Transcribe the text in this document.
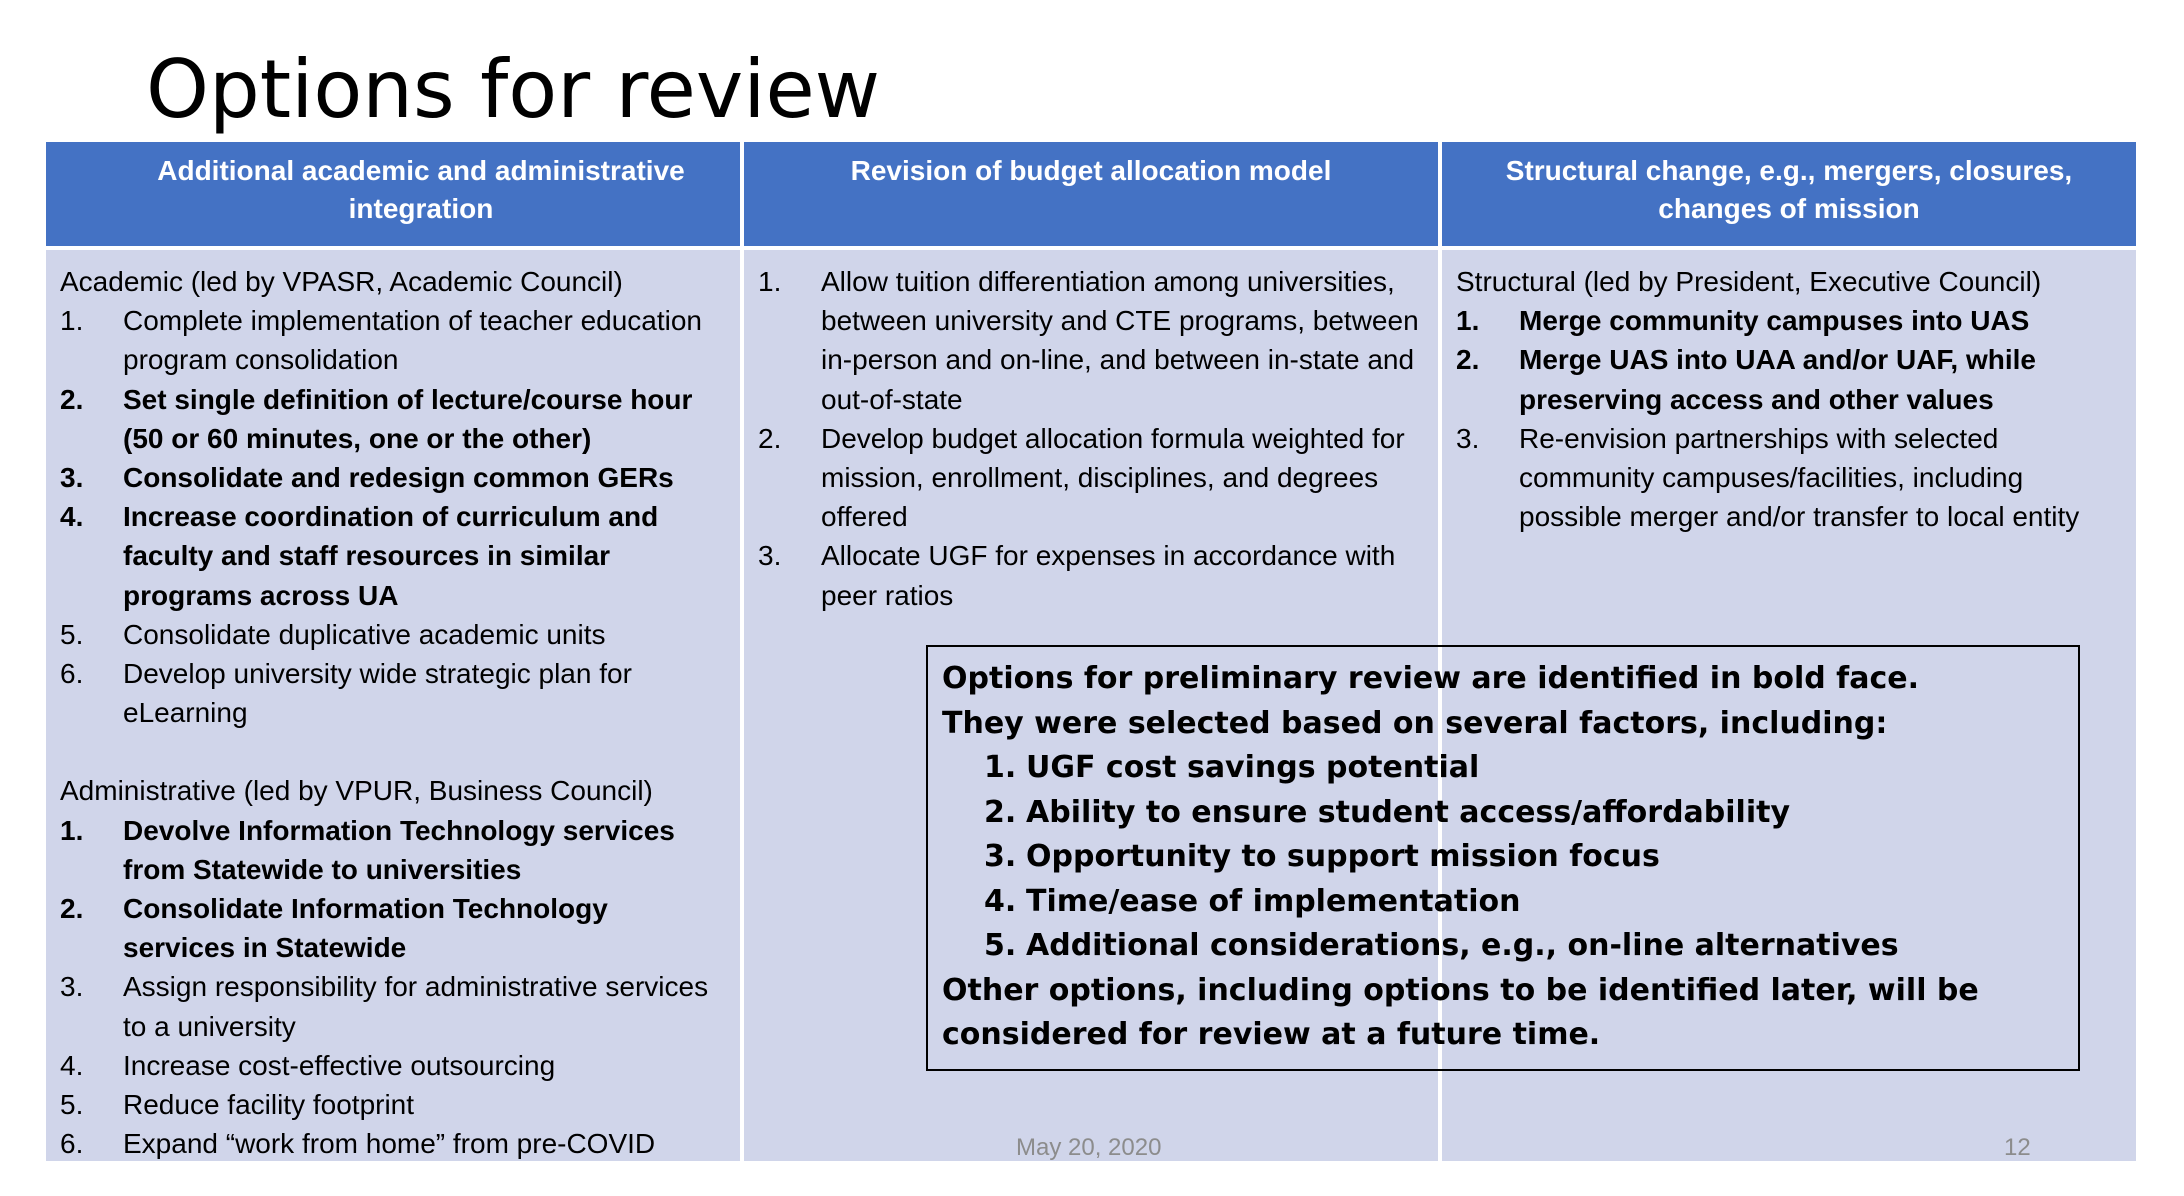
Options for review
Additional academic and administrative integration
Revision of budget allocation model	Structural change, e.g., mergers, closures, changes of mission

Academic (led by VPASR, Academic Council)

1. Complete implementation of teacher education program consolidation
2. Set single definition of lecture/course hour (50 or 60 minutes, one or the other)
3. Consolidate and redesign common GERs
4. Increase coordination of curriculum and faculty and staff resources in similar programs across UA
5. Consolidate duplicative academic units
6. Develop university wide strategic plan for eLearning

Administrative (led by VPUR, Business Council)

1. Devolve Information Technology services from Statewide to universities
2. Consolidate Information Technology services in Statewide
3. Assign responsibility for administrative services to a university
4. Increase cost-effective outsourcing
5. Reduce facility footprint
6. Expand “work from home” from pre-COVID
1. Allow tuition differentiation among universities, between university and CTE programs, between in-person and on-line, and between in-state and out-of-state
2. Develop budget allocation formula weighted for mission, enrollment, disciplines, and degrees offered
3. Allocate UGF for expenses in accordance with peer ratios

Structural (led by President, Executive Council)

1. Merge community campuses into UAS
2. Merge UAS into UAA and/or UAF, while preserving access and other values
3. Re-envision partnerships with selected community campuses/facilities, including possible merger and/or transfer to local entity
May 20, 2020	12
Options for preliminary review are identified in bold face.
They were selected based on several factors, including:
1. UGF cost savings potential
2. Ability to ensure student access/affordability
3. Opportunity to support mission focus
4. Time/ease of implementation
5. Additional considerations, e.g., on-line alternatives
Other options, including options to be identified later, will be
considered for review at a future time.
